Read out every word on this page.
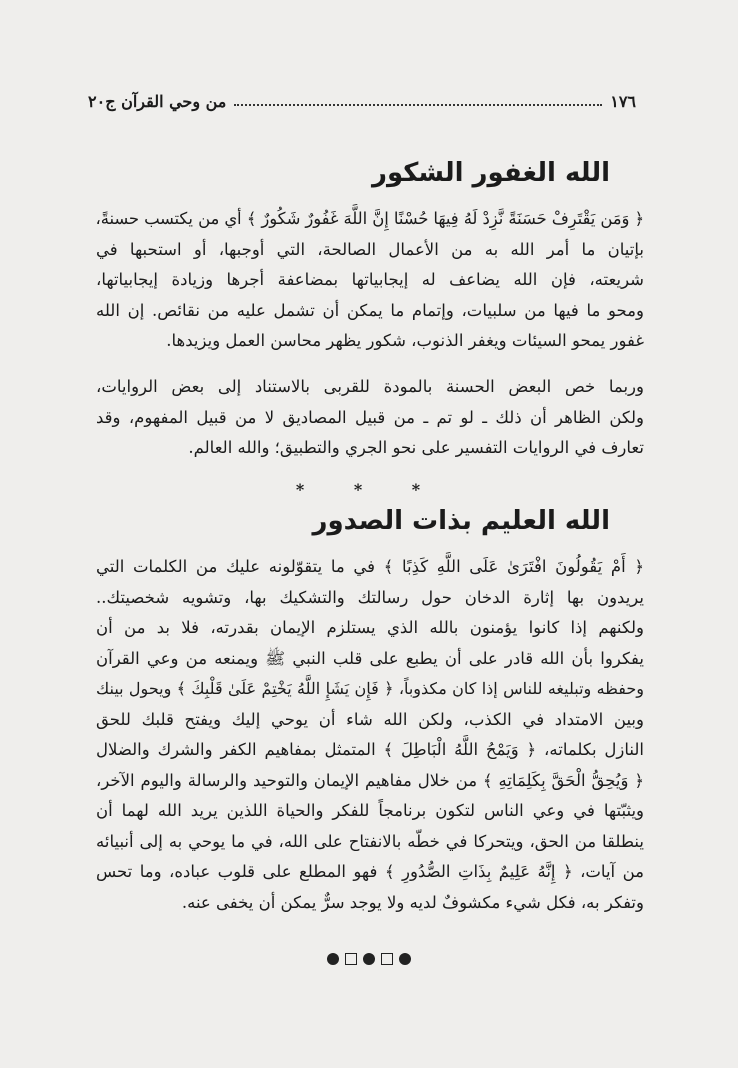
١٧٦
من وحي القرآن ج٢٠
الله الغفور الشكور
﴿ وَمَن يَقْتَرِفْ حَسَنَةً نَّزِدْ لَهُ فِيهَا حُسْنًا إِنَّ اللَّهَ غَفُورٌ شَكُورٌ ﴾ أي من يكتسب حسنةً،
بإتيان ما أمر الله به من الأعمال الصالحة، التي أوجبها، أو استحبها في
شريعته، فإن الله يضاعف له إيجابياتها بمضاعفة أجرها وزيادة إيجابياتها،
ومحو ما فيها من سلبيات، وإتمام ما يمكن أن تشمل عليه من نقائص. إن الله
غفور يمحو السيئات ويغفر الذنوب، شكور يظهر محاسن العمل ويزيدها.
وربما خص البعض الحسنة بالمودة للقربى بالاستناد إلى بعض الروايات،
ولكن الظاهر أن ذلك ـ لو تم ـ من قبيل المصاديق لا من قبيل المفهوم، وقد
تعارف في الروايات التفسير على نحو الجري والتطبيق؛ والله العالم.
* * *
الله العليم بذات الصدور
﴿ أَمْ يَقُولُونَ افْتَرَىٰ عَلَى اللَّهِ كَذِبًا ﴾ في ما يتقوّلونه عليك من الكلمات التي
يريدون بها إثارة الدخان حول رسالتك والتشكيك بها، وتشويه شخصيتك..
ولكنهم إذا كانوا يؤمنون بالله الذي يستلزم الإيمان بقدرته، فلا بد من أن
يفكروا بأن الله قادر على أن يطبع على قلب النبي ﷺ ويمنعه من وعي القرآن
وحفظه وتبليغه للناس إذا كان مكذوباً، ﴿ فَإِن يَشَإِ اللَّهُ يَخْتِمْ عَلَىٰ قَلْبِكَ ﴾ ويحول بينك
وبين الامتداد في الكذب، ولكن الله شاء أن يوحي إليك ويفتح قلبك للحق
النازل بكلماته، ﴿ وَيَمْحُ اللَّهُ الْبَاطِلَ ﴾ المتمثل بمفاهيم الكفر والشرك والضلال
﴿ وَيُحِقُّ الْحَقَّ بِكَلِمَاتِهِ ﴾ من خلال مفاهيم الإيمان والتوحيد والرسالة واليوم الآخر،
ويثبّتها في وعي الناس لتكون برنامجاً للفكر والحياة اللذين يريد الله لهما أن
ينطلقا من الحق، ويتحركا في خطّه بالانفتاح على الله، في ما يوحي به إلى أنبيائه
من آيات، ﴿ إِنَّهُ عَلِيمٌ بِذَاتِ الصُّدُورِ ﴾ فهو المطلع على قلوب عباده، وما تحس
وتفكر به، فكل شيء مكشوفٌ لديه ولا يوجد سرٌّ يمكن أن يخفى عنه.
